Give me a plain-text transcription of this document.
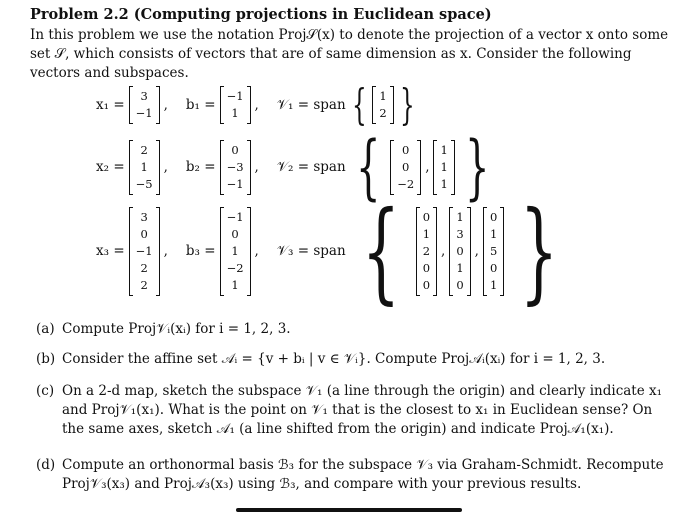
Problem 2.2 (Computing projections in Euclidean space)
In this problem we use the notation Proj𝒮(x) to denote the projection of a vector x onto some set 𝒮, which consists of vectors that are of same dimension as x. Consider the following vectors and subspaces.
x₁ =
3
−1 , b₁ =
−1
1 , 𝒱₁ = span { 1
2 }
x₂ =
2
1
−5
, b₂ =
0
−3
−1
, 𝒱₂ = span { 0
0
−2
,
1
1
1 }
x₃ =
3
0
−1
2
2
, b₃ =
−1
0
1
−2
1
, 𝒱₃ = span { 0
1
2
0
0
,
1
3
0
1
0
,
0
1
5
0
1 }
(a) Compute Proj𝒱ᵢ(xᵢ) for i = 1, 2, 3.
(b) Consider the affine set 𝒜ᵢ = {v + bᵢ | v ∈ 𝒱ᵢ}. Compute Proj𝒜ᵢ(xᵢ) for i = 1, 2, 3.
(c) On a 2-d map, sketch the subspace 𝒱₁ (a line through the origin) and clearly indicate x₁ and Proj𝒱₁(x₁). What is the point on 𝒱₁ that is the closest to x₁ in Euclidean sense? On the same axes, sketch 𝒜₁ (a line shifted from the origin) and indicate Proj𝒜₁(x₁).
(d) Compute an orthonormal basis ℬ₃ for the subspace 𝒱₃ via Graham-Schmidt. Recompute Proj𝒱₃(x₃) and Proj𝒜₃(x₃) using ℬ₃, and compare with your previous results.
